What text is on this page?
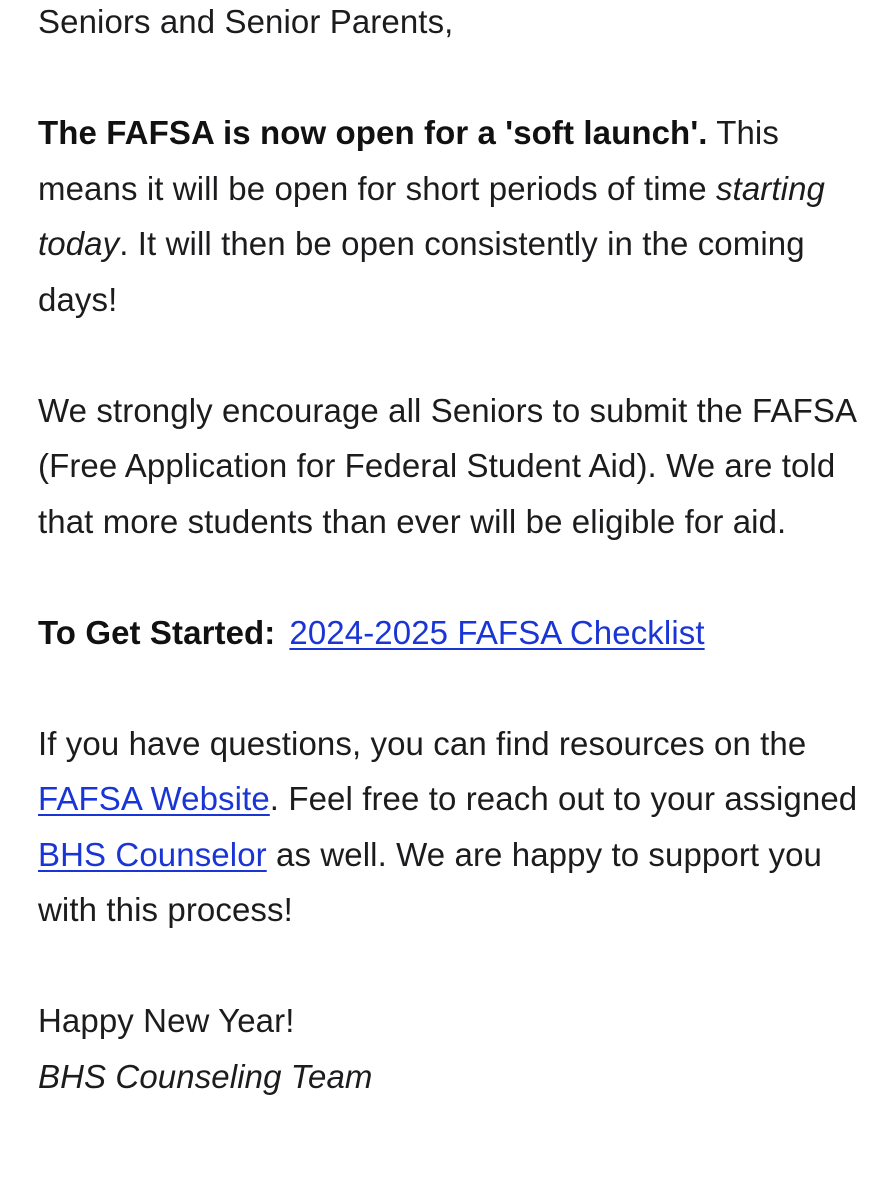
Seniors and Senior Parents,

The FAFSA is now open for a 'soft launch'. This means it will be open for short periods of time starting today. It will then be open consistently in the coming days!

We strongly encourage all Seniors to submit the FAFSA (Free Application for Federal Student Aid). We are told that more students than ever will be eligible for aid.

To Get Started: 2024-2025 FAFSA Checklist

If you have questions, you can find resources on the FAFSA Website. Feel free to reach out to your assigned BHS Counselor as well. We are happy to support you with this process!

Happy New Year!
BHS Counseling Team
